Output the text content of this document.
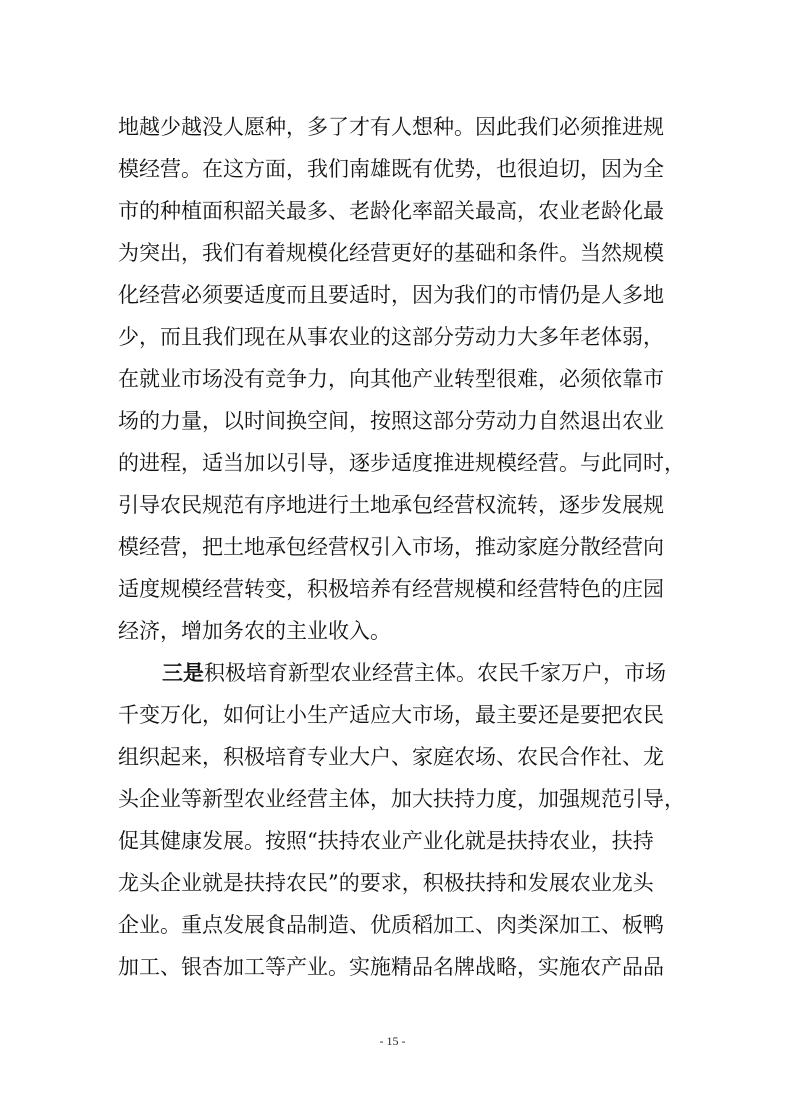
地越少越没人愿种，多了才有人想种。因此我们必须推进规
模经营。在这方面，我们南雄既有优势，也很迫切，因为全
市的种植面积韶关最多、老龄化率韶关最高，农业老龄化最
为突出，我们有着规模化经营更好的基础和条件。当然规模
化经营必须要适度而且要适时，因为我们的市情仍是人多地
少，而且我们现在从事农业的这部分劳动力大多年老体弱，
在就业市场没有竞争力，向其他产业转型很难，必须依靠市
场的力量，以时间换空间，按照这部分劳动力自然退出农业
的进程，适当加以引导，逐步适度推进规模经营。与此同时，
引导农民规范有序地进行土地承包经营权流转，逐步发展规
模经营，把土地承包经营权引入市场，推动家庭分散经营向
适度规模经营转变，积极培养有经营规模和经营特色的庄园
经济，增加务农的主业收入。
三是积极培育新型农业经营主体。农民千家万户，市场
千变万化，如何让小生产适应大市场，最主要还是要把农民
组织起来，积极培育专业大户、家庭农场、农民合作社、龙
头企业等新型农业经营主体，加大扶持力度，加强规范引导，
促其健康发展。按照“扶持农业产业化就是扶持农业，扶持
龙头企业就是扶持农民”的要求，积极扶持和发展农业龙头
企业。重点发展食品制造、优质稻加工、肉类深加工、板鸭
加工、银杏加工等产业。实施精品名牌战略，实施农产品品
- 15 -
